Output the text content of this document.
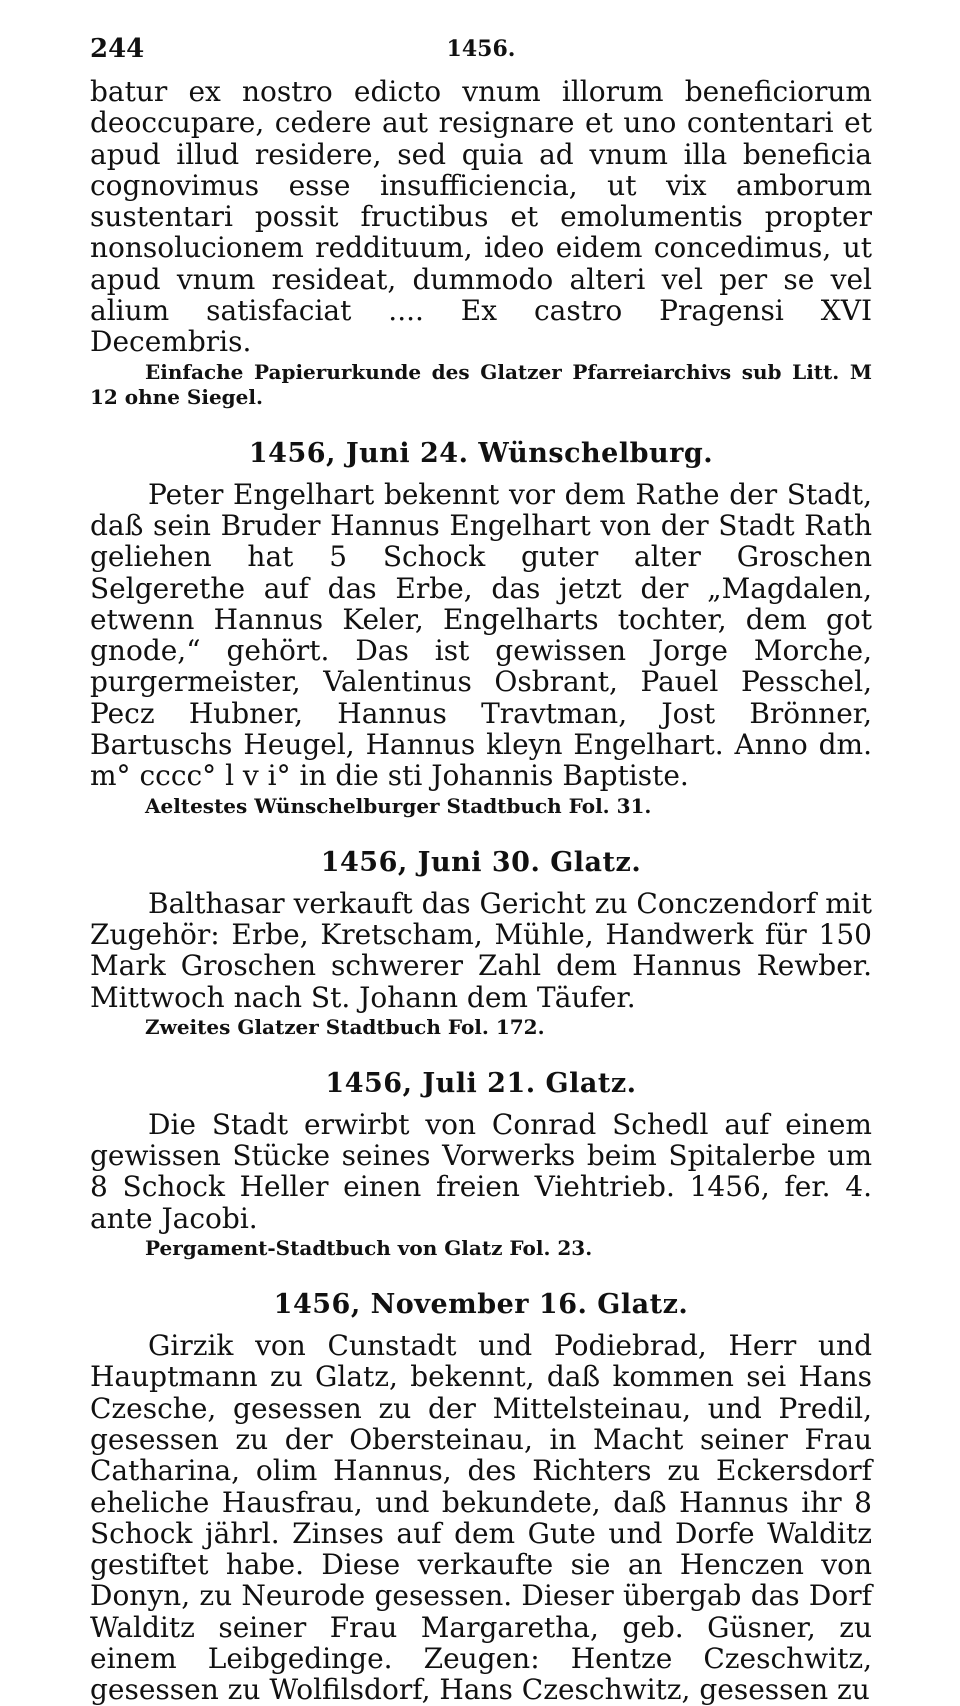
244	1456.

batur ex nostro edicto vnum illorum beneficiorum deoccupare, cedere aut resignare et uno contentari et apud illud residere, sed quia ad vnum illa beneficia cognovimus esse insufficiencia, ut vix amborum sustentari possit fructibus et emolumentis propter nonsolucionem reddituum, ideo eidem concedimus, ut apud vnum resideat, dummodo alteri vel per se vel alium satisfaciat .... Ex castro Pragensi XVI Decembris.

Einfache Papierurkunde des Glatzer Pfarreiarchivs sub Litt. M 12 ohne Siegel.

1456, Juni 24. Wünschelburg.

Peter Engelhart bekennt vor dem Rathe der Stadt, daß sein Bruder Hannus Engelhart von der Stadt Rath geliehen hat 5 Schock guter alter Groschen Selgerethe auf das Erbe, das jetzt der „Magdalen, etwenn Hannus Keler, Engelharts tochter, dem got gnode,“ gehört. Das ist gewissen Jorge Morche, purgermeister, Valentinus Osbrant, Pauel Pesschel, Pecz Hubner, Hannus Travtman, Jost Brönner, Bartuschs Heugel, Hannus kleyn Engelhart. Anno dm. m° cccc° l v i° in die sti Johannis Baptiste.

Aeltestes Wünschelburger Stadtbuch Fol. 31.

1456, Juni 30. Glatz.

Balthasar verkauft das Gericht zu Conczendorf mit Zugehör: Erbe, Kretscham, Mühle, Handwerk für 150 Mark Groschen schwerer Zahl dem Hannus Rewber. Mittwoch nach St. Johann dem Täufer.

Zweites Glatzer Stadtbuch Fol. 172.

1456, Juli 21. Glatz.

Die Stadt erwirbt von Conrad Schedl auf einem gewissen Stücke seines Vorwerks beim Spitalerbe um 8 Schock Heller einen freien Viehtrieb. 1456, fer. 4. ante Jacobi.

Pergament-Stadtbuch von Glatz Fol. 23.

1456, November 16. Glatz.

Girzik von Cunstadt und Podiebrad, Herr und Hauptmann zu Glatz, bekennt, daß kommen sei Hans Czesche, gesessen zu der Mittelsteinau, und Predil, gesessen zu der Obersteinau, in Macht seiner Frau Catharina, olim Hannus, des Richters zu Eckersdorf eheliche Hausfrau, und bekundete, daß Hannus ihr 8 Schock jährl. Zinses auf dem Gute und Dorfe Walditz gestiftet habe. Diese verkaufte sie an Henczen von Donyn, zu Neurode gesessen. Dieser übergab das Dorf Walditz seiner Frau Margaretha, geb. Güsner, zu einem Leibgedinge. Zeugen: Hentze Czeschwitz, gesessen zu Wolfilsdorf, Hans Czeschwitz, gesessen zu
